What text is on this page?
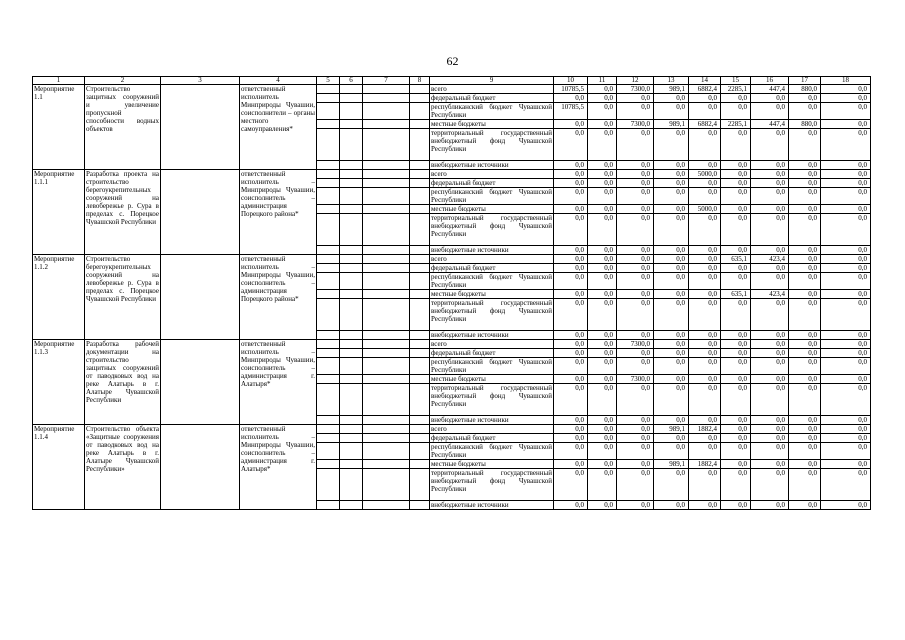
62
1	2	3	4	5	6	7	8	9	10	11	12	13	14	15	16	17	18
Мероприятие 1.1	Строительство защитных сооружений и увеличение пропускной способности водных объектов		ответственный исполнитель Минприроды Чувашии, соисполнители – органы местного самоуправления*					всего	10785,5	0,0	7300,0	989,1	6882,4	2285,1	447,4	880,0	0,0
								федеральный бюджет	0,0	0,0	0,0	0,0	0,0	0,0	0,0	0,0	0,0
								республиканский бюджет Чувашской Республики	10785,5	0,0	0,0	0,0	0,0	0,0	0,0	0,0	0,0
								местные бюджеты	0,0	0,0	7300,0	989,1	6882,4	2285,1	447,4	880,0	0,0
								территориальный государственный внебюджетный фонд Чувашской Республики	0,0	0,0	0,0	0,0	0,0	0,0	0,0	0,0	0,0
								внебюджетные источники	0,0	0,0	0,0	0,0	0,0	0,0	0,0	0,0	0,0
Мероприятие 1.1.1	Разработка проекта на строительство берегоукрепительных сооружений на левобережье р. Сура в пределах с. Порецкое Чувашской Республики		ответственный исполнитель – Минприроды Чувашии, соисполнитель – администрация Порецкого района*					всего	0,0	0,0	0,0	0,0	5000,0	0,0	0,0	0,0	0,0
								федеральный бюджет	0,0	0,0	0,0	0,0	0,0	0,0	0,0	0,0	0,0
								республиканский бюджет Чувашской Республики	0,0	0,0	0,0	0,0	0,0	0,0	0,0	0,0	0,0
								местные бюджеты	0,0	0,0	0,0	0,0	5000,0	0,0	0,0	0,0	0,0
								территориальный государственный внебюджетный фонд Чувашской Республики	0,0	0,0	0,0	0,0	0,0	0,0	0,0	0,0	0,0
								внебюджетные источники	0,0	0,0	0,0	0,0	0,0	0,0	0,0	0,0	0,0
Мероприятие 1.1.2	Строительство берегоукрепительных сооружений на левобережье р. Сура в пределах с. Порецкое Чувашской Республики		ответственный исполнитель – Минприроды Чувашии, соисполнитель – администрация Порецкого района*					всего	0,0	0,0	0,0	0,0	0,0	635,1	423,4	0,0	0,0
								федеральный бюджет	0,0	0,0	0,0	0,0	0,0	0,0	0,0	0,0	0,0
								республиканский бюджет Чувашской Республики	0,0	0,0	0,0	0,0	0,0	0,0	0,0	0,0	0,0
								местные бюджеты	0,0	0,0	0,0	0,0	0,0	635,1	423,4	0,0	0,0
								территориальный государственный внебюджетный фонд Чувашской Республики	0,0	0,0	0,0	0,0	0,0	0,0	0,0	0,0	0,0
								внебюджетные источники	0,0	0,0	0,0	0,0	0,0	0,0	0,0	0,0	0,0
Мероприятие 1.1.3	Разработка рабочей документации на строительство защитных сооружений от паводковых вод на реке Алатырь в г. Алатыре Чувашской Республики		ответственный исполнитель – Минприроды Чувашии, соисполнитель – администрация г. Алатыря*					всего	0,0	0,0	7300,0	0,0	0,0	0,0	0,0	0,0	0,0
								федеральный бюджет	0,0	0,0	0,0	0,0	0,0	0,0	0,0	0,0	0,0
								республиканский бюджет Чувашской Республики	0,0	0,0	0,0	0,0	0,0	0,0	0,0	0,0	0,0
								местные бюджеты	0,0	0,0	7300,0	0,0	0,0	0,0	0,0	0,0	0,0
								территориальный государственный внебюджетный фонд Чувашской Республики	0,0	0,0	0,0	0,0	0,0	0,0	0,0	0,0	0,0
								внебюджетные источники	0,0	0,0	0,0	0,0	0,0	0,0	0,0	0,0	0,0
Мероприятие 1.1.4	Строительство объекта «Защитные сооружения от паводковых вод на реке Алатырь в г. Алатыре Чувашской Республики»		ответственный исполнитель – Минприроды Чувашии, соисполнитель – администрация г. Алатыря*					всего	0,0	0,0	0,0	989,1	1882,4	0,0	0,0	0,0	0,0
								федеральный бюджет	0,0	0,0	0,0	0,0	0,0	0,0	0,0	0,0	0,0
								республиканский бюджет Чувашской Республики	0,0	0,0	0,0	0,0	0,0	0,0	0,0	0,0	0,0
								местные бюджеты	0,0	0,0	0,0	989,1	1882,4	0,0	0,0	0,0	0,0
								территориальный государственный внебюджетный фонд Чувашской Республики	0,0	0,0	0,0	0,0	0,0	0,0	0,0	0,0	0,0
								внебюджетные источники	0,0	0,0	0,0	0,0	0,0	0,0	0,0	0,0	0,0
